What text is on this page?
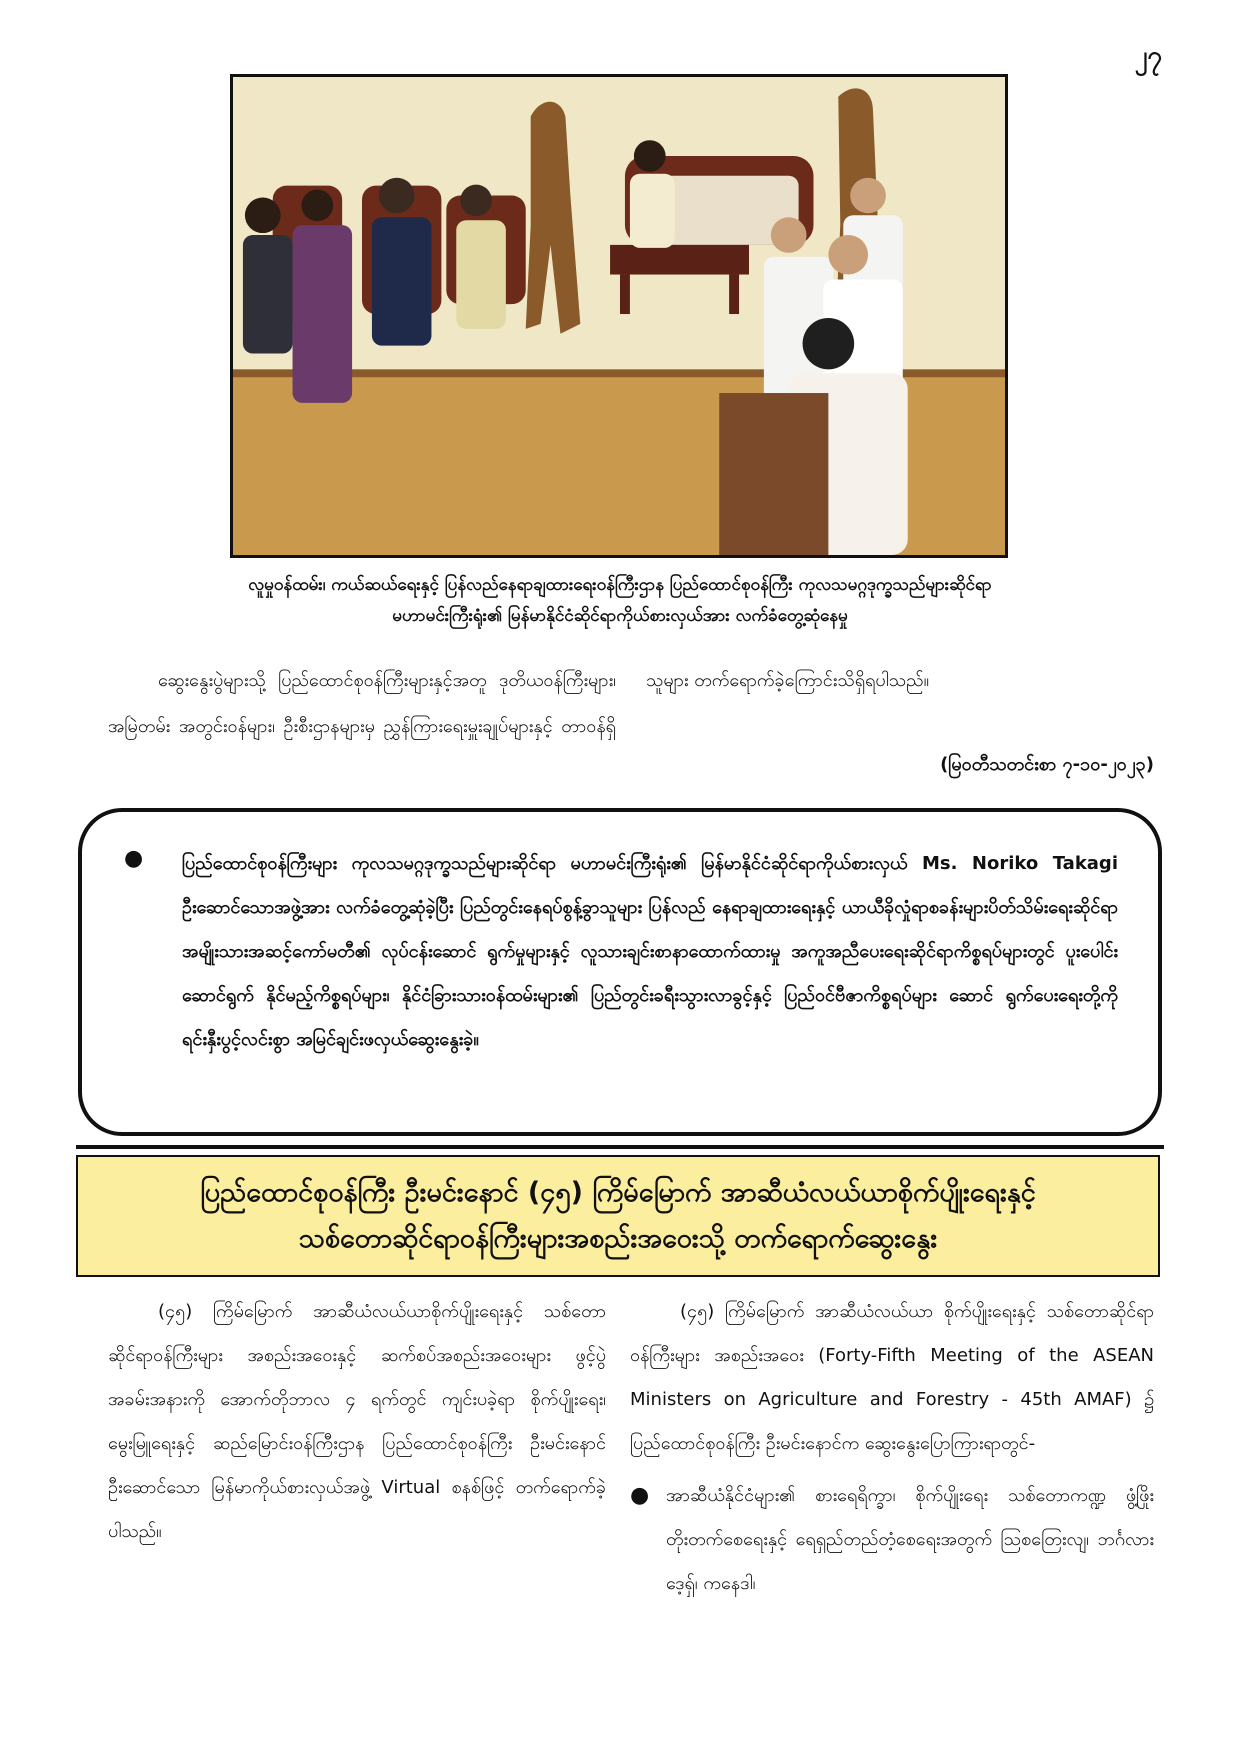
၂၇
လူမှုဝန်ထမ်း၊ ကယ်ဆယ်ရေးနှင့် ပြန်လည်နေရာချထားရေးဝန်ကြီးဌာန ပြည်ထောင်စုဝန်ကြီး ကုလသမဂ္ဂဒုက္ခသည်များဆိုင်ရာ
မဟာမင်းကြီးရုံး၏ မြန်မာနိုင်ငံဆိုင်ရာကိုယ်စားလှယ်အား လက်ခံတွေ့ဆုံနေမှု

ဆွေးနွေးပွဲများသို့ ပြည်ထောင်စုဝန်ကြီးများနှင့်အတူ ဒုတိယဝန်ကြီးများ၊ အမြဲတမ်း အတွင်းဝန်များ၊ ဦးစီးဌာနများမှ ညွှန်ကြားရေးမှူးချုပ်များနှင့် တာဝန်ရှိသူများ တက်ရောက်ခဲ့ကြောင်းသိရှိရပါသည်။

(မြဝတီသတင်းစာ ၇-၁၀-၂၀၂၃)
● ပြည်ထောင်စုဝန်ကြီးများ ကုလသမဂ္ဂဒုက္ခသည်များဆိုင်ရာ မဟာမင်းကြီးရုံး၏ မြန်မာနိုင်ငံဆိုင်ရာကိုယ်စားလှယ် Ms. Noriko Takagi ဦးဆောင်သောအဖွဲ့အား လက်ခံတွေ့ဆုံခဲ့ပြီး ပြည်တွင်းနေရပ်စွန့်ခွာသူများ ပြန်လည် နေရာချထားရေးနှင့် ယာယီခိုလှုံရာစခန်းများပိတ်သိမ်းရေးဆိုင်ရာ အမျိုးသားအဆင့်ကော်မတီ၏ လုပ်ငန်းဆောင် ရွက်မှုများနှင့် လူသားချင်းစာနာထောက်ထားမှု အကူအညီပေးရေးဆိုင်ရာကိစ္စရပ်များတွင် ပူးပေါင်းဆောင်ရွက် နိုင်မည့်ကိစ္စရပ်များ၊ နိုင်ငံခြားသားဝန်ထမ်းများ၏ ပြည်တွင်းခရီးသွားလာခွင့်နှင့် ပြည်ဝင်ဗီဇာကိစ္စရပ်များ ဆောင် ရွက်ပေးရေးတို့ကို ရင်းနှီးပွင့်လင်းစွာ အမြင်ချင်းဖလှယ်ဆွေးနွေးခဲ့။
ပြည်ထောင်စုဝန်ကြီး ဦးမင်းနောင် (၄၅) ကြိမ်မြောက် အာဆီယံလယ်ယာစိုက်ပျိုးရေးနှင့်
သစ်တောဆိုင်ရာဝန်ကြီးများအစည်းအဝေးသို့ တက်ရောက်ဆွေးနွေး

(၄၅) ကြိမ်မြောက် အာဆီယံလယ်ယာစိုက်ပျိုးရေးနှင့် သစ်တောဆိုင်ရာဝန်ကြီးများ အစည်းအဝေးနှင့် ဆက်စပ်အစည်းအဝေးများ ဖွင့်ပွဲအခမ်းအနားကို အောက်တိုဘာလ ၄ ရက်တွင် ကျင်းပခဲ့ရာ စိုက်ပျိုးရေး၊ မွေးမြူရေးနှင့် ဆည်မြောင်းဝန်ကြီးဌာန ပြည်ထောင်စုဝန်ကြီး ဦးမင်းနောင် ဦးဆောင်သော မြန်မာကိုယ်စားလှယ်အဖွဲ့ Virtual စနစ်ဖြင့် တက်ရောက်ခဲ့ပါသည်။

(၄၅) ကြိမ်မြောက် အာဆီယံလယ်ယာ စိုက်ပျိုးရေးနှင့် သစ်တောဆိုင်ရာဝန်ကြီးများ အစည်းအဝေး (Forty-Fifth Meeting of the ASEAN Ministers on Agriculture and Forestry - 45th AMAF) ၌ ပြည်ထောင်စုဝန်ကြီး ဦးမင်းနောင်က ဆွေးနွေးပြောကြားရာတွင်-

● အာဆီယံနိုင်ငံများ၏ စားရေရိက္ခာ၊ စိုက်ပျိုးရေး သစ်တောကဏ္ဍ ဖွံ့ဖြိုးတိုးတက်စေရေးနှင့် ရေရှည်တည်တံ့စေရေးအတွက် ဩစတြေးလျ၊ ဘင်္ဂလားဒေ့ရှ်၊ ကနေဒါ၊
